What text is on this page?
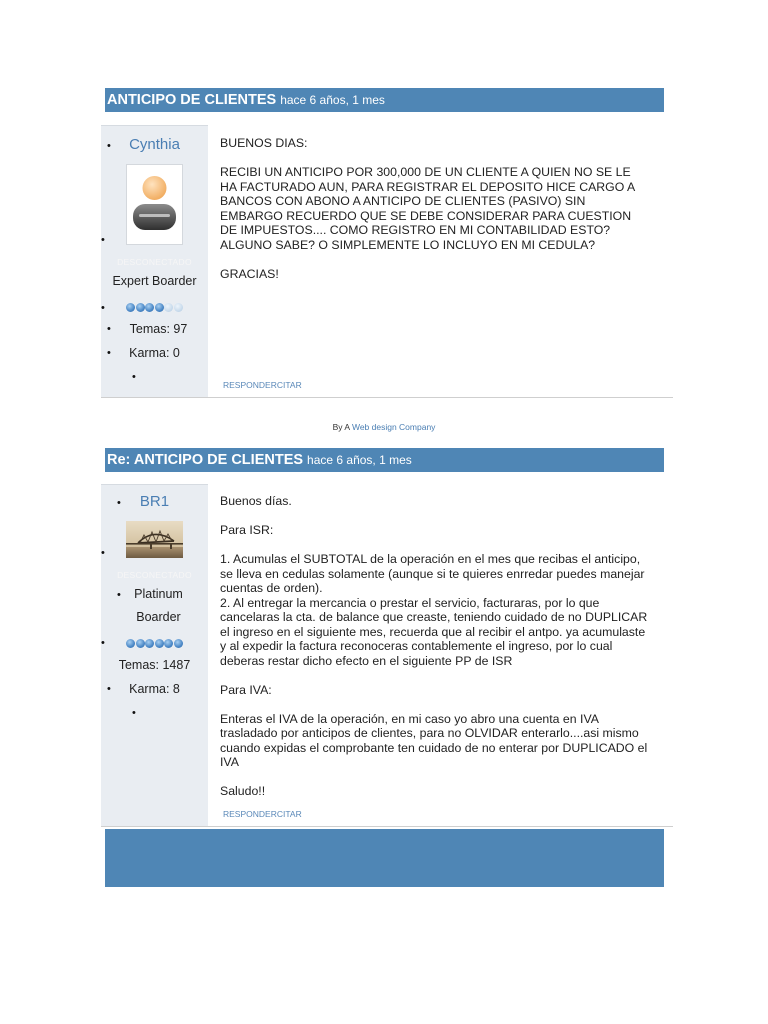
ANTICIPO DE CLIENTES hace 6 años, 1 mes
•	Cynthia
•
DESCONECTADO
Expert Boarder
•
•	Temas: 97
•	Karma: 0
•

BUENOS DIAS:

RECIBI UN ANTICIPO POR 300,000 DE UN CLIENTE A QUIEN NO SE LE
HA FACTURADO AUN, PARA REGISTRAR EL DEPOSITO HICE CARGO A
BANCOS CON ABONO A ANTICIPO DE CLIENTES (PASIVO) SIN
EMBARGO RECUERDO QUE SE DEBE CONSIDERAR PARA CUESTION
DE IMPUESTOS.... COMO REGISTRO EN MI CONTABILIDAD ESTO?
ALGUNO SABE? O SIMPLEMENTE LO INCLUYO EN MI CEDULA?

GRACIAS!

RESPONDERCITAR
By A Web design Company
Re: ANTICIPO DE CLIENTES hace 6 años, 1 mes
•	BR1
•
DESCONECTADO
•	Platinum
Boarder
•
Temas: 1487
•	Karma: 8
•

Buenos días.

Para ISR:

1. Acumulas el SUBTOTAL de la operación en el mes que recibas el anticipo,
se lleva en cedulas solamente (aunque si te quieres enrredar puedes manejar
cuentas de orden).
2. Al entregar la mercancia o prestar el servicio, facturaras, por lo que
cancelaras la cta. de balance que creaste, teniendo cuidado de no DUPLICAR
el ingreso en el siguiente mes, recuerda que al recibir el antpo. ya acumulaste
y al expedir la factura reconoceras contablemente el ingreso, por lo cual
deberas restar dicho efecto en el siguiente PP de ISR

Para IVA:

Enteras el IVA de la operación, en mi caso yo abro una cuenta en IVA
trasladado por anticipos de clientes, para no OLVIDAR enterarlo....asi mismo
cuando expidas el comprobante ten cuidado de no enterar por DUPLICADO el
IVA

Saludo!!

RESPONDERCITAR
